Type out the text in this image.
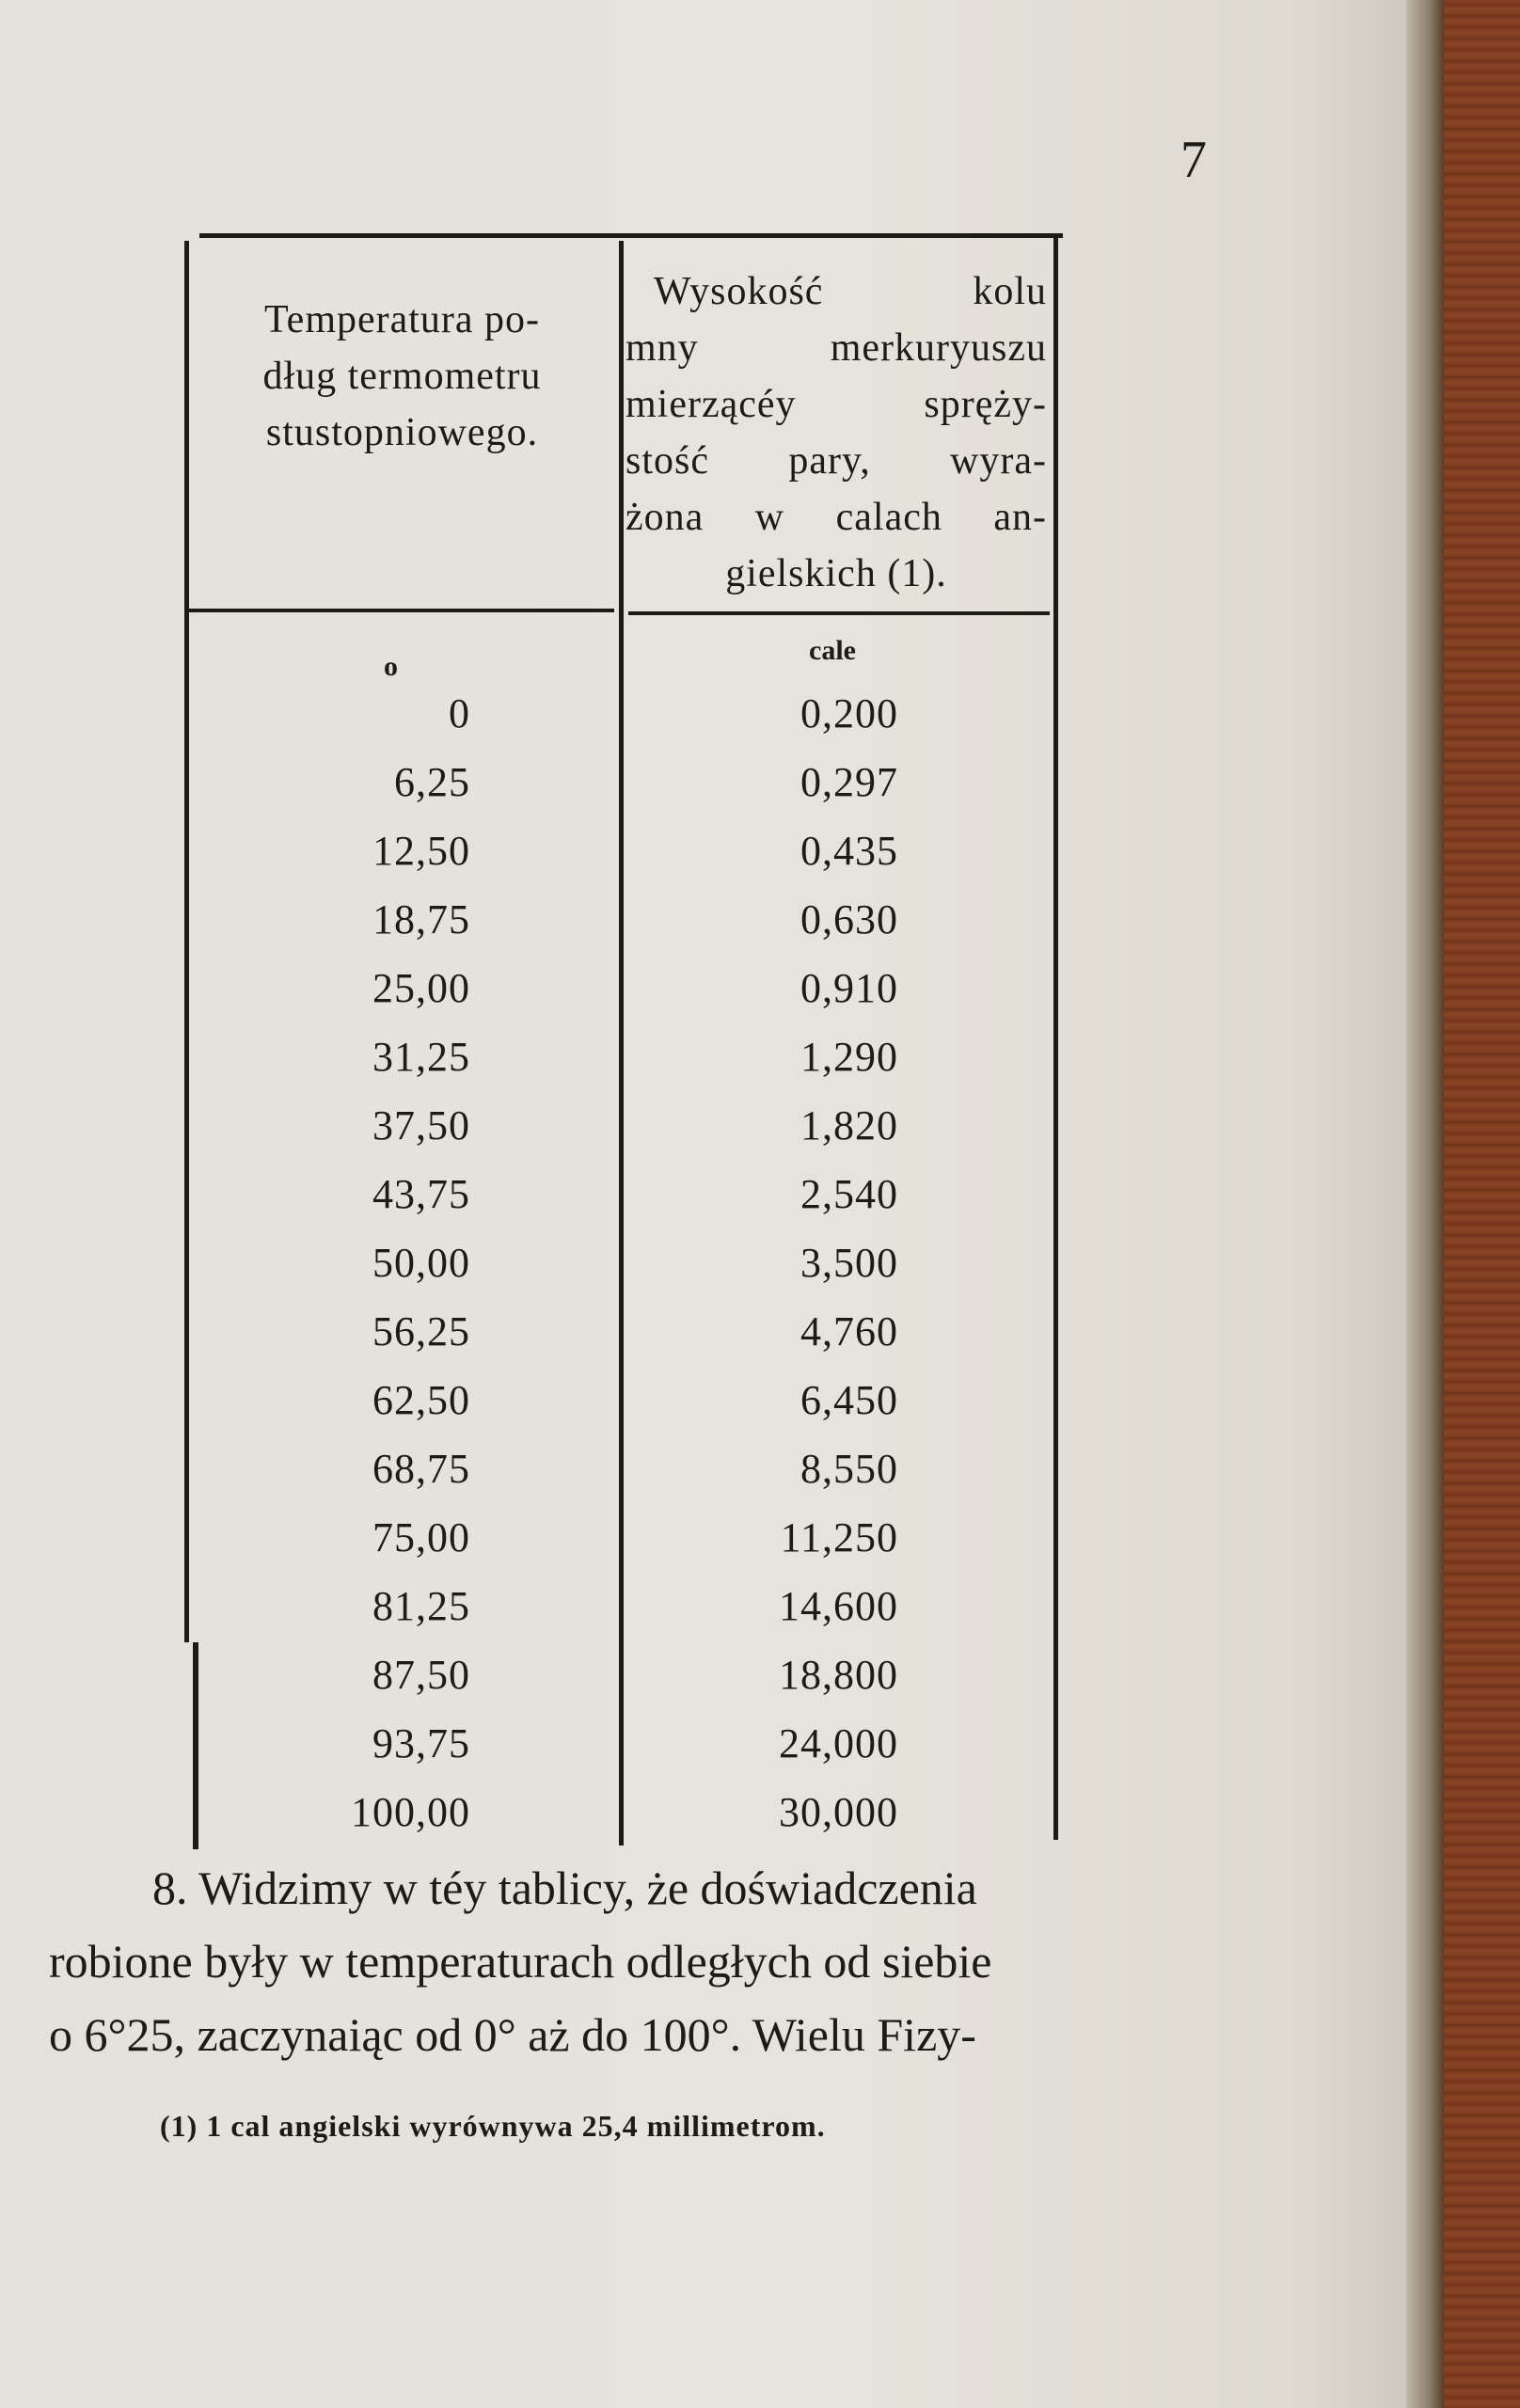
7
Temperatura po-
dług termometru
stustopniowego.
Wysokość kolu
mny merkuryuszu
mierzącéy spręży-
stość pary, wyra-
żona w calach an-
gielskich (1).
o
cale
0
6,25
12,50
18,75
25,00
31,25
37,50
43,75
50,00
56,25
62,50
68,75
75,00
81,25
87,50
93,75
100,00
0,200
0,297
0,435
0,630
0,910
1,290
1,820
2,540
3,500
4,760
6,450
8,550
11,250
14,600
18,800
24,000
30,000
8. Widzimy w téy tablicy, że doświadczenia
robione były w temperaturach odległych od siebie
o 6°25, zaczynaiąc od 0° aż do 100°. Wielu Fizy-
(1) 1 cal angielski wyrównywa 25,4 millimetrom.
